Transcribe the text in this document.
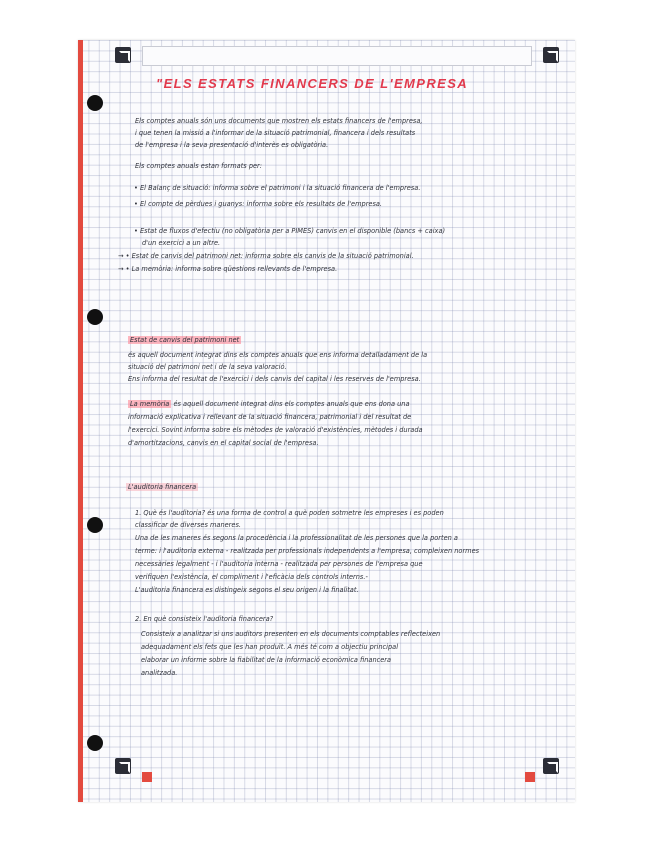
"ELS ESTATS FINANCERS DE L'EMPRESA
Els comptes anuals són uns documents que mostren els estats financers de l'empresa,
i que tenen la missió a l'informar de la situació patrimonial, financera i dels resultats
de l'empresa i la seva presentació d'interès es obligatòria.
Els comptes anuals estan formats per:
• El Balanç de situació: informa sobre el patrimoni i la situació financera de l'empresa.
• El compte de pèrdues i guanys: informa sobre els resultats de l'empresa.
• Estat de fluxos d'efectiu (no obligatòria per a PIMES) canvis en el disponible (bancs + caixa)
d'un exercici a un altre.
→ • Estat de canvis del patrimoni net: informa sobre els canvis de la situació patrimonial.
→ • La memòria: informa sobre qüestions rellevants de l'empresa.
Estat de canvis del patrimoni net
és aquell document integrat dins els comptes anuals que ens informa detalladament de la
situació del patrimoni net i de la seva valoració.
Ens informa del resultat de l'exercici i dels canvis del capital i les reserves de l'empresa.
La memòria és aquell document integrat dins els comptes anuals que ens dona una
informació explicativa i rellevant de la situació financera, patrimonial i del resultat de
l'exercici. Sovint informa sobre els mètodes de valoració d'existències, mètodes i durada
d'amortitzacions, canvis en el capital social de l'empresa.
L'auditoria financera
1. Què és l'auditoria? és una forma de control a què poden sotmetre les empreses i es poden
classificar de diverses maneres.
Una de les maneres és segons la procedència i la professionalitat de les persones que la porten a
terme: i l'auditoria externa - realitzada per professionals independents a l'empresa, compleixen normes
necessàries legalment - i l'auditoria interna - realitzada per persones de l'empresa que
verifiquen l'existència, el compliment i l'eficàcia dels controls interns.-
L'auditoria financera es distingeix segons el seu origen i la finalitat.
2. En què consisteix l'auditoria financera?
Consisteix a analitzar si uns auditors presenten en els documents comptables reflecteixen
adequadament els fets que les han produït. A més té com a objectiu principal
elaborar un informe sobre la fiabilitat de la informació econòmica financera
analitzada.
